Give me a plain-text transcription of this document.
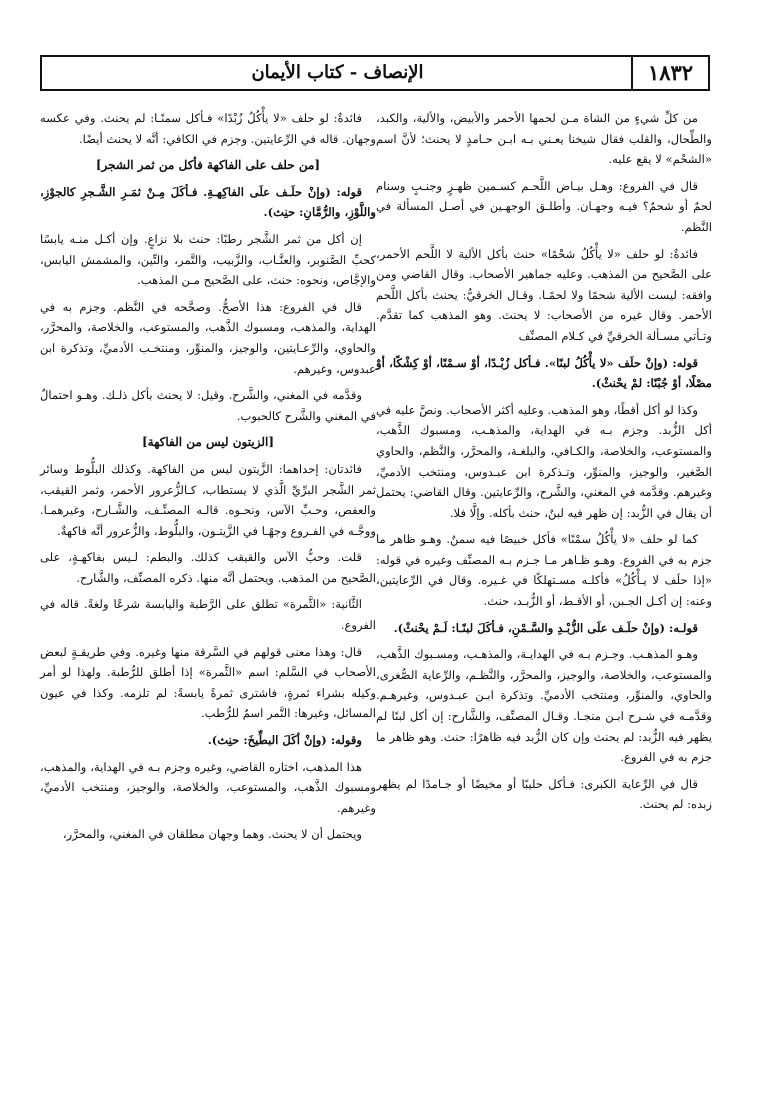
١٨٣٢
الإنصاف - كتاب الأيمان

من كلِّ شيءٍ من الشاة مـن لحمها الأحمر والأبيض، والألية، والكبد، والطِّحال، والقلب فقال شيخنا يعـني بـه ابـن حـامدٍ لا يحنث؛ لأنَّ اسم «الشحْم» لا يقع عليه.

قال في الفروع: وهـل بيـاض اللَّحـم كسـمين ظهـرٍ وجنـبٍ وسنام لحمٌ أو شحمٌ؟ فيـه وجهـان. وأطلـق الوجهـين في أصـل المسألة في النَّظم.

فائدةٌ: لو حلف «لا يأْكُلُ شحْمًا» حنث بأكل الألية لا اللَّحم الأحمر، على الصَّحيح من المذهب. وعليه جماهير الأصحاب. وقال القاضي ومن وافقه: ليست الألية شحمًا ولا لحمًـا. وقـال الخرقيُّ: يحنث بأكل اللَّحم الأحمر. وقال غيره من الأصحاب: لا يحنث. وهو المذهب كما تقدَّم. وتـأتي مسـألة الخرقيِّ في كـلام المصنِّف

قوله: (وإنْ حلَف «لا يأْكُلُ لبنًا». فـأكل زُبْـدًا، أوْ سـمْنًا، أوْ كِشْكًا، أوْ مصْلًا، أوْ جُبْنًا: لمْ يحْنثْ).

وكذا لو أكل أقطًا، وهو المذهب. وعليه أكثر الأصحاب. ونصَّ عليه في أكل الزُّبد. وجزم بـه في الهداية، والمذهـب، ومسبوك الذَّهب، والمستوعب، والخلاصة، والكـافي، والبلغـة، والمحرَّر، والنَّظم، والحاوي الصَّغير، والوجيز، والمنوِّر، وتـذكرة ابن عبـدوس، ومنتخب الأدميِّ، وغيرهم. وقدَّمه في المغني، والشَّرح، والرِّعايتين. وقال القاضي: يحتمل أن يقال في الزُّبد: إن ظهر فيه لبنٌ، حنث بأكله. وإلَّا فلا.

كما لو حلف «لا يأْكُلُ سمْنًا» فأكل خبيصًا فيه سمنٌ. وهـو ظاهر ما جزم به في الفروع. وهـو ظـاهر مـا جـزم بـه المصنِّف وغيره في قوله: «إذا حلَف لا يـأْكُلُ» فأكلـه مسـتهلكًا في غـيره. وقال في الرِّعايتين، وعنه: إن أكـل الجـبن، أو الأقـط، أو الزُّبـد، حنث.

قولـه: (وإنْ حلَـف علَى الزُّبْـدِ والسَّـمْنِ، فـأكَلَ لبنًـا: لَـمْ يحْنثْ).

وهـو المذهـب. وجـزم بـه في الهدايـة، والمذهـب، ومسـبوك الذَّهب، والمستوعب، والخلاصة، والوجيز، والمحرَّر، والنَّظـم، والرِّعاية الصُّغرى، والحاوي، والمنوِّر، ومنتخب الأدميِّ. وتذكرة ابـن عبـدوس، وغيرهـم. وقدَّمـه في شـرح ابـن منجـا. وقـال المصنِّف، والشَّارح: إن أكل لبنًا لم يظهر فيه الزُّبد: لم يحنث وإن كان الزُّبد فيه ظاهرًا: حنث. وهو ظاهر ما جزم به في الفروع.

قال في الرِّعاية الكبرى: فـأكل حليبًا أو مخيضًا أو جـامدًا لم يظهر زبده: لم يحنث.

فائدةٌ: لو حلف «لا يأْكُلُ زُبْدًا» فـأكل سمنًـا: لم يحنث. وفي عكسه وجهان. قاله في الرِّعايتين. وجزم في الكافي: أنَّه لا يحنث أيضًا.

[من حلف على الفاكهة فأكل من ثمر الشجر]

قوله: (وإنْ حلَـف علَى الفاكِهـةِ. فـأكَلَ مِـنْ ثمَـرِ الشَّـجرِ كالجوْزِ، واللَّوْزِ، والرُّمَّانِ: حنِث).

إن أكل من ثمر الشَّجر رطبًا: حنث بلا نزاعٍ. وإن أكـل منـه يابسًا كحبِّ الصَّنوبر، والعنَّـاب، والزَّبيب، والتَّمر، والتِّين، والمشمش اليابس، والإجَّاص، ونحوه: حنث، على الصَّحيح مـن المذهب.

قال في الفروع: هذا الأصحُّ. وصحَّحه في النَّظم. وجزم به في الهداية، والمذهب، ومسبوك الذَّهب، والمستوعب، والخلاصة، والمحرَّر، والحاوي، والرِّعـايتين، والوجيز، والمنوِّر، ومنتخـب الأدميِّ، وتذكرة ابن عبدوس، وغيرهم.

وقدَّمه في المغني، والشَّرح. وقيل: لا يحنث بأكل ذلـك. وهـو احتمالٌ في المغني والشَّرح كالحبوب.

[الزيتون ليس من الفاكهة]

فائدتان: إحداهما: الزَّيتون ليس من الفاكهة. وكذلك البلُّوط وسائر ثمر الشَّجر البرِّيِّ الَّذي لا يستطاب، كـالزُّعرور الأحمر، وثمر القيقب، والعفص، وحـبِّ الآس، ونحـوه. قالـه المصنِّـف، والشَّـارح، وغيرهمـا. ووجَّـه في الفـروع وجهًـا في الزَّيتـون، والبلُّوط، والزُّعرور أنَّه فاكهةٌ.

قلت. وحبُّ الآس والقيقب كذلك. والبطم: لـيس بفاكهـةٍ، على الصَّحيح من المذهب. ويحتمل أنَّه منها. ذكره المصنِّف، والشَّارح.

الثَّانية: «الثَّمرة» تطلق على الرَّطبة واليابسة شرعًا ولغةً. قاله في الفروع.

قال: وهذا معنى قولهم في السَّرقة منها وغيره. وفي طريقـةٍ لبعض الأصحاب في السَّلم: اسم «الثَّمرة» إذا أطلق للرُّطبة. ولهذا لو أمر وكيله بشراء ثمرةٍ، فاشترى ثمرةً يابسةً: لم تلزمه. وكذا في عيون المسائل، وغيرها: التَّمر اسمٌ للرُّطب.

وقوله: (وإنْ أكَلَ البطِّيخَ: حنِث).

هذا المذهب، اختاره القاضي، وغيره وجزم بـه في الهداية، والمذهب، ومسبوك الذَّهب، والمستوعب، والخلاصة، والوجيز، ومنتخب الأدميِّ، وغيرهم.

ويحتمل أن لا يحنث. وهما وجهان مطلقان في المغني، والمحرَّر،
